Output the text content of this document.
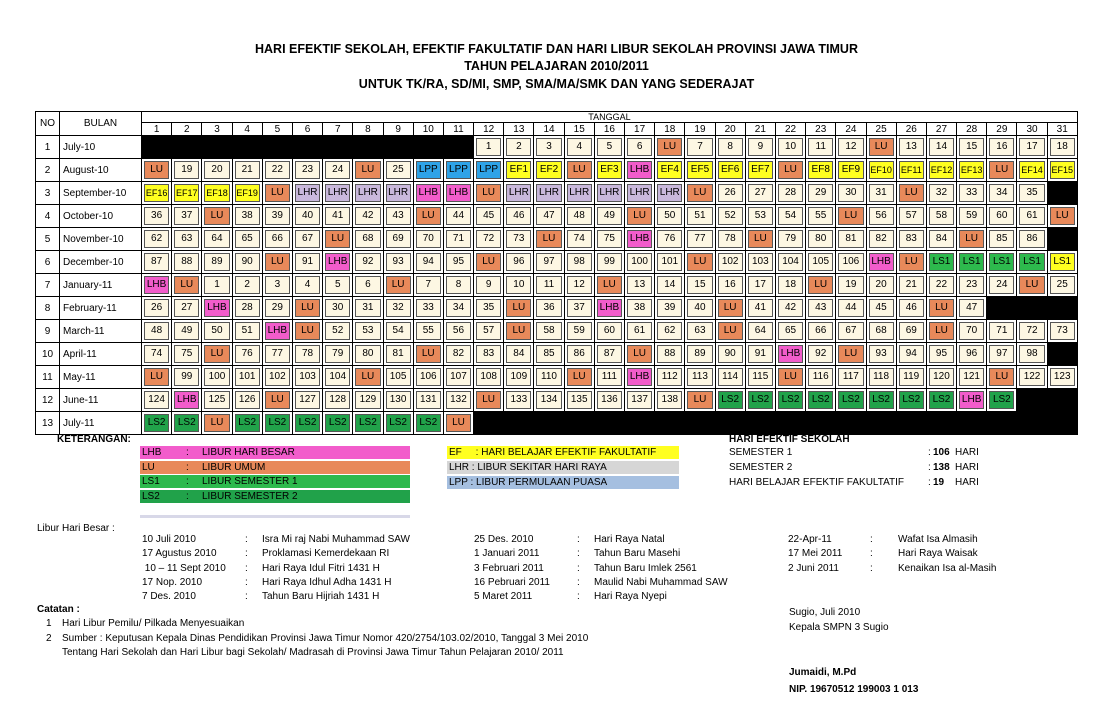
HARI EFEKTIF SEKOLAH, EFEKTIF FAKULTATIF DAN HARI LIBUR SEKOLAH PROVINSI JAWA TIMUR
TAHUN PELAJARAN 2010/2011
UNTUK TK/RA, SD/MI, SMP, SMA/MA/SMK DAN YANG SEDERAJAT
NO	BULAN	TANGGAL																														
		1	2	3	4	5	6	7	8	9	10	11	12	13	14	15	16	17	18	19	20	21	22	23	24	25	26	27	28	29	30	31
1	July-10												1	2	3	4	5	6	LU	7	8	9	10	11	12	LU	13	14	15	16	17	18

2	August-10	LU	19	20	21	22	23	24	LU	25	LPP	LPP	LPP	EF1	EF2	LU	EF3	LHB	EF4	EF5	EF6	EF7	LU	EF8	EF9	EF10	EF11	EF12	EF13	LU	EF14	EF15

3	September-10	EF16	EF17	EF18	EF19	LU	LHR	LHR	LHR	LHR	LHB	LHB	LU	LHR	LHR	LHR	LHR	LHR	LHR	LU	26	27	28	29	30	31	LU	32	33	34	35	

4	October-10	36	37	LU	38	39	40	41	42	43	LU	44	45	46	47	48	49	LU	50	51	52	53	54	55	LU	56	57	58	59	60	61	LU

5	November-10	62	63	64	65	66	67	LU	68	69	70	71	72	73	LU	74	75	LHB	76	77	78	LU	79	80	81	82	83	84	LU	85	86	

6	December-10	87	88	89	90	LU	91	LHB	92	93	94	95	LU	96	97	98	99	100	101	LU	102	103	104	105	106	LHB	LU	LS1	LS1	LS1	LS1	LS1

7	January-11	LHB	LU	1	2	3	4	5	6	LU	7	8	9	10	11	12	LU	13	14	15	16	17	18	LU	19	20	21	22	23	24	LU	25

8	February-11	26	27	LHB	28	29	LU	30	31	32	33	34	35	LU	36	37	LHB	38	39	40	LU	41	42	43	44	45	46	LU	47			

9	March-11	48	49	50	51	LHB	LU	52	53	54	55	56	57	LU	58	59	60	61	62	63	LU	64	65	66	67	68	69	LU	70	71	72	73

10	April-11	74	75	LU	76	77	78	79	80	81	LU	82	83	84	85	86	87	LU	88	89	90	91	LHB	92	LU	93	94	95	96	97	98	

11	May-11	LU	99	100	101	102	103	104	LU	105	106	107	108	109	110	LU	111	LHB	112	113	114	115	LU	116	117	118	119	120	121	LU	122	123

12	June-11	124	LHB	125	126	LU	127	128	129	130	131	132	LU	133	134	135	136	137	138	LU	LS2	LS2	LS2	LS2	LS2	LS2	LS2	LS2	LHB	LS2		

13	July-11	LS2	LS2	LU	LS2	LS2	LS2	LS2	LS2	LS2	LS2	LU																				

KETERANGAN:
LHB : LIBUR HARI BESAR
LU	: LIBUR UMUM
LS1	: LIBUR SEMESTER 1
LS2	: LIBUR SEMESTER 2
EF     : HARI BELAJAR EFEKTIF FAKULTATIF
LHR : LIBUR SEKITAR HARI RAYA
LPP : LIBUR PERMULAAN PUASA
HARI EFEKTIF SEKOLAH
SEMESTER 1	: 106 HARI
SEMESTER 2	: 138 HARI
HARI BELAJAR EFEKTIF FAKULTATIF : 19 HARI
Libur Hari Besar :
10 Juli 2010	: Isra Mi raj Nabi Muhammad SAW
17 Agustus 2010	: Proklamasi Kemerdekaan RI
10 – 11 Sept 2010 : Hari Raya Idul Fitri 1431 H
17 Nop. 2010	: Hari Raya Idhul Adha 1431 H
7 Des. 2010	: Tahun Baru Hijriah 1431 H
25 Des. 2010	: Hari Raya Natal
1 Januari 2011	: Tahun Baru Masehi
3 Februari 2011	: Tahun Baru Imlek 2561
16 Pebruari 2011	: Maulid Nabi Muhammad SAW
5 Maret 2011	: Hari Raya Nyepi
22-Apr-11	:	Wafat Isa Almasih
17 Mei 2011	:	Hari Raya Waisak
2 Juni 2011	:	Kenaikan Isa al-Masih
Catatan :
1 Hari Libur Pemilu/ Pilkada Menyesuaikan
2 Sumber : Keputusan Kepala Dinas Pendidikan Provinsi Jawa Timur Nomor 420/2754/103.02/2010, Tanggal 3 Mei 2010
Tentang Hari Sekolah dan Hari Libur bagi Sekolah/ Madrasah di Provinsi Jawa Timur Tahun Pelajaran 2010/ 2011
Sugio, Juli 2010
Kepala SMPN 3 Sugio
Jumaidi, M.Pd
NIP. 19670512 199003 1 013
